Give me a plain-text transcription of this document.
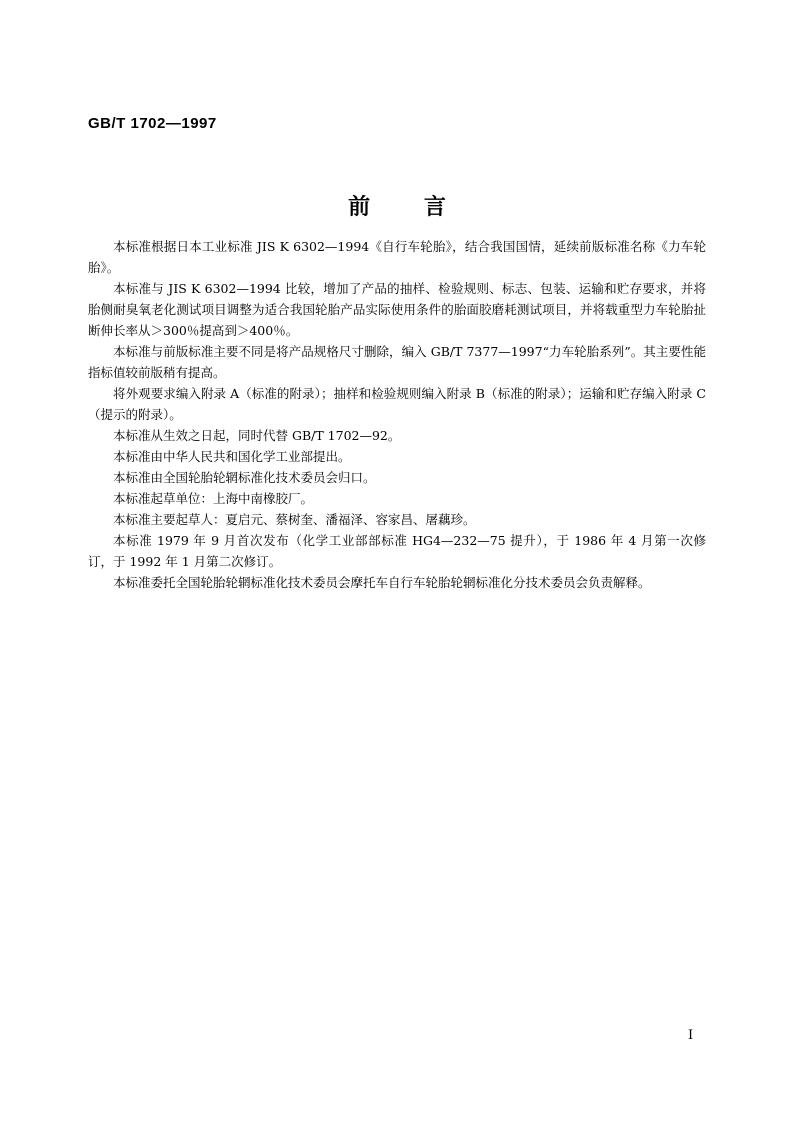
GB/T 1702—1997
前 言

本标准根据日本工业标准 JIS K 6302—1994《自行车轮胎》，结合我国国情，延续前版标准名称《力车轮胎》。

本标准与 JIS K 6302—1994 比较，增加了产品的抽样、检验规则、标志、包装、运输和贮存要求，并将胎侧耐臭氧老化测试项目调整为适合我国轮胎产品实际使用条件的胎面胶磨耗测试项目，并将载重型力车轮胎扯断伸长率从＞300％提高到＞400％。

本标准与前版标准主要不同是将产品规格尺寸删除，编入 GB/T 7377—1997“力车轮胎系列”。其主要性能指标值较前版稍有提高。

将外观要求编入附录 A（标准的附录）；抽样和检验规则编入附录 B（标准的附录）；运输和贮存编入附录 C（提示的附录）。

本标准从生效之日起，同时代替 GB/T 1702—92。

本标准由中华人民共和国化学工业部提出。

本标准由全国轮胎轮辋标准化技术委员会归口。

本标准起草单位：上海中南橡胶厂。

本标准主要起草人：夏启元、蔡树奎、潘福泽、容家昌、屠藕珍。

本标准 1979 年 9 月首次发布（化学工业部部标准 HG4—232—75 提升），于 1986 年 4 月第一次修订，于 1992 年 1 月第二次修订。

本标准委托全国轮胎轮辋标准化技术委员会摩托车自行车轮胎轮辋标准化分技术委员会负责解释。

I
